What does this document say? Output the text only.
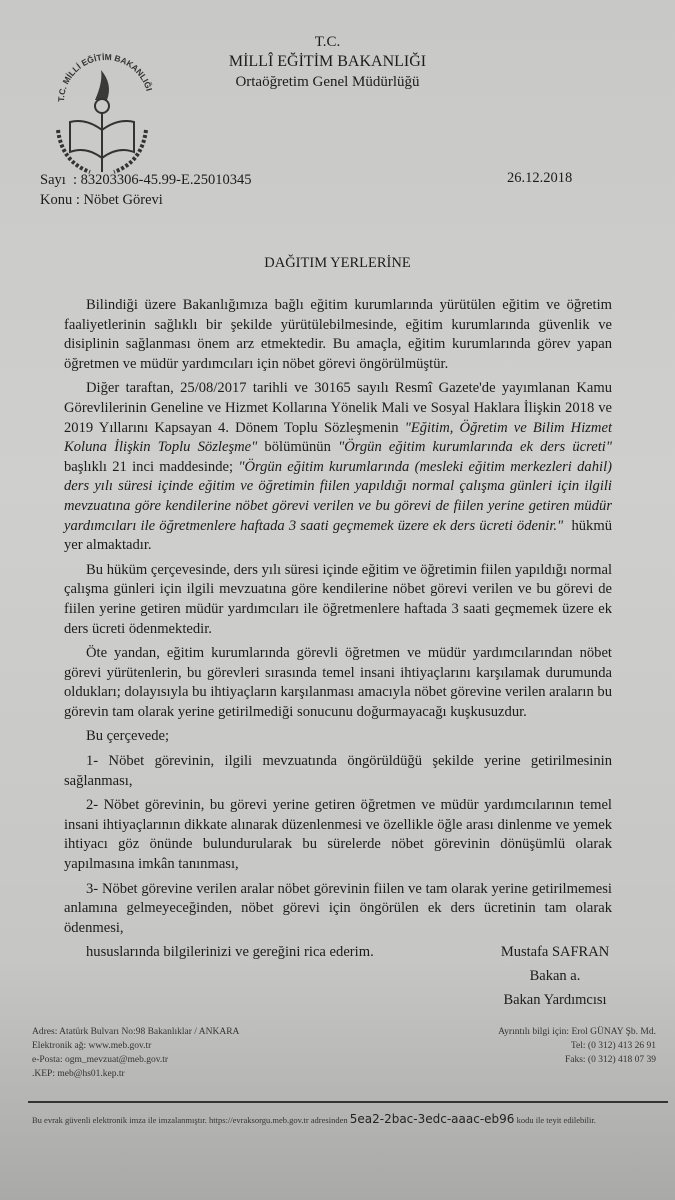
T.C. MİLLİ EĞİTİM BAKANLIĞI
T.C.
MİLLÎ EĞİTİM BAKANLIĞI
Ortaöğretim Genel Müdürlüğü
Sayı  : 83203306-45.99-E.25010345
Konu : Nöbet Görevi
26.12.2018
DAĞITIM YERLERİNE

Bilindiği üzere Bakanlığımıza bağlı eğitim kurumlarında yürütülen eğitim ve öğretim faaliyetlerinin sağlıklı bir şekilde yürütülebilmesinde, eğitim kurumlarında güvenlik ve disiplinin sağlanması önem arz etmektedir. Bu amaçla, eğitim kurumlarında görev yapan öğretmen ve müdür yardımcıları için nöbet görevi öngörülmüştür.

Diğer taraftan, 25/08/2017 tarihli ve 30165 sayılı Resmî Gazete'de yayımlanan Kamu Görevlilerinin Geneline ve Hizmet Kollarına Yönelik Mali ve Sosyal Haklara İlişkin 2018 ve 2019 Yıllarını Kapsayan 4. Dönem Toplu Sözleşmenin "Eğitim, Öğretim ve Bilim Hizmet Koluna İlişkin Toplu Sözleşme" bölümünün "Örgün eğitim kurumlarında ek ders ücreti" başlıklı 21 inci maddesinde; "Örgün eğitim kurumlarında (mesleki eğitim merkezleri dahil) ders yılı süresi içinde eğitim ve öğretimin fiilen yapıldığı normal çalışma günleri için ilgili mevzuatına göre kendilerine nöbet görevi verilen ve bu görevi de fiilen yerine getiren müdür yardımcıları ile öğretmenlere haftada 3 saati geçmemek üzere ek ders ücreti ödenir." hükmü yer almaktadır.

Bu hüküm çerçevesinde, ders yılı süresi içinde eğitim ve öğretimin fiilen yapıldığı normal çalışma günleri için ilgili mevzuatına göre kendilerine nöbet görevi verilen ve bu görevi de fiilen yerine getiren müdür yardımcıları ile öğretmenlere haftada 3 saati geçmemek üzere ek ders ücreti ödenmektedir.

Öte yandan, eğitim kurumlarında görevli öğretmen ve müdür yardımcılarından nöbet görevi yürütenlerin, bu görevleri sırasında temel insani ihtiyaçlarını karşılamak durumunda oldukları; dolayısıyla bu ihtiyaçların karşılanması amacıyla nöbet görevine verilen araların bu görevin tam olarak yerine getirilmediği sonucunu doğurmayacağı kuşkusuzdur.

Bu çerçevede;

1- Nöbet görevinin, ilgili mevzuatında öngörüldüğü şekilde yerine getirilmesinin sağlanması,

2- Nöbet görevinin, bu görevi yerine getiren öğretmen ve müdür yardımcılarının temel insani ihtiyaçlarının dikkate alınarak düzenlenmesi ve özellikle öğle arası dinlenme ve yemek ihtiyacı göz önünde bulundurularak bu sürelerde nöbet görevinin dönüşümlü olarak yapılmasına imkân tanınması,

3- Nöbet görevine verilen aralar nöbet görevinin fiilen ve tam olarak yerine getirilmemesi anlamına gelmeyeceğinden, nöbet görevi için öngörülen ek ders ücretinin tam olarak ödenmesi,

hususlarında bilgilerinizi ve gereğini rica ederim.	Mustafa SAFRAN
Bakan a.
Bakan Yardımcısı
Adres: Atatürk Bulvarı No:98 Bakanlıklar / ANKARA
Elektronik ağ: www.meb.gov.tr
e-Posta: ogm_mevzuat@meb.gov.tr
.KEP: meb@hs01.kep.tr
Ayrıntılı bilgi için: Erol GÜNAY Şb. Md.
Tel: (0 312) 413 26 91
Faks: (0 312) 418 07 39
Bu evrak güvenli elektronik imza ile imzalanmıştır. https://evraksorgu.meb.gov.tr adresinden 5ea2-2bac-3edc-aaac-eb96 kodu ile teyit edilebilir.
